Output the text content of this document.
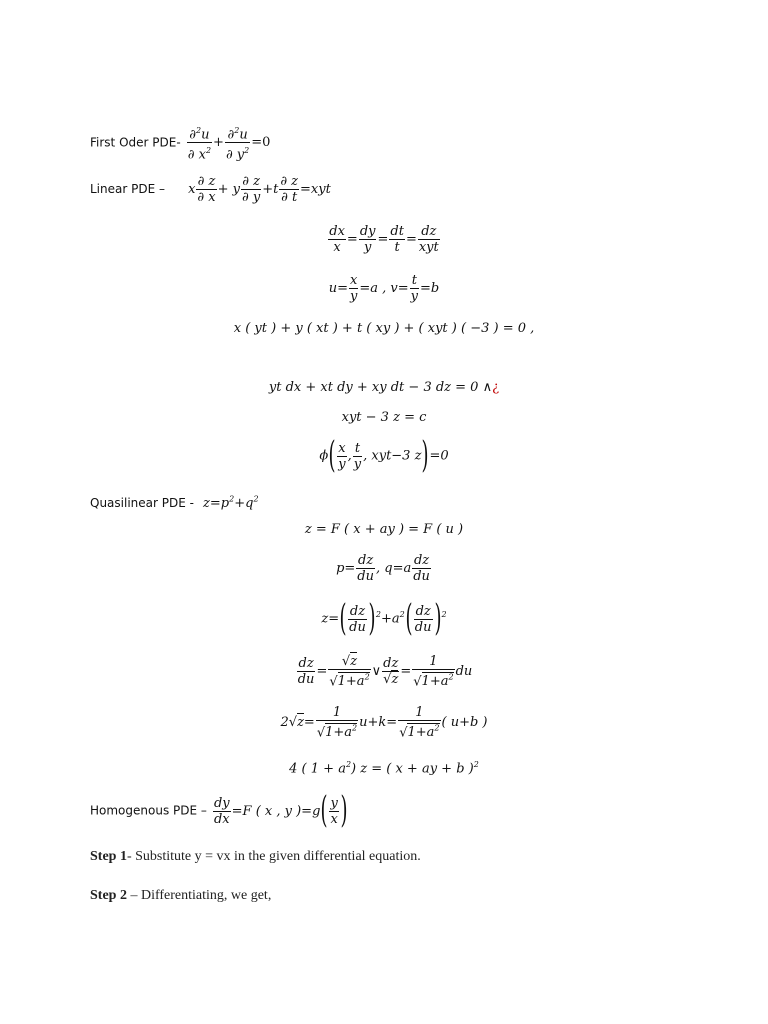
First Oder $PDE- \frac{\partial^2u}{\partial x^2} + \frac{\partial^2u}{\partial y^2} =0$
Linear PDE – x $\frac{\partial z}{\partial x} + y \frac{\partial z}{\partial y} +t \frac{\partial z}{\partial t} =xyt$
$\frac{dx}{x} = \frac{dy}{y} = \frac{dt}{t} = \frac{dz}{\text{xyt}}$
$u= \frac{x}{y} =a$ , $v= \frac{t}{y} =b$
x ( yt ) + y ( xt ) + t ( xy ) + ( xyt ) ( −3 ) = 0 ,
yt dx + xt dy + xy dt − 3 dz = 0 ∧¿
xyt − 3 z = c
$\phi( \frac{x}{y}$ , $\frac{t}{y}$ , xyt−3 z)=0
Quasilinear PDE - $z=p^2+q^2$
z = F ( x + ay ) = F ( u )
$p= \frac{dz}{du}$ , $q=a \frac{dz}{du}$
$z=( \frac{dz}{du} )^2+a^2( \frac{dz}{du} )^2$
$\frac{dz}{du} = \frac{√z}{√1+a^2}$ ∨ $\frac{dz}{√z} = \frac{1}{√1+a^2}$ du
$2√z= \frac{1}{√1+a^2} u+k= \frac{1}{√1+a^2}$ ( u+b )
4 ( $1 + a^2$) z = ( x + ay + b )$^2$
Homogenous PDE – $\frac{dy}{dx} =F$ ( x , y )$=g( \frac{y}{x}$ )
Step 1- Substitute y = vx in the given differential equation.
Step 2 – Differentiating, we get,
